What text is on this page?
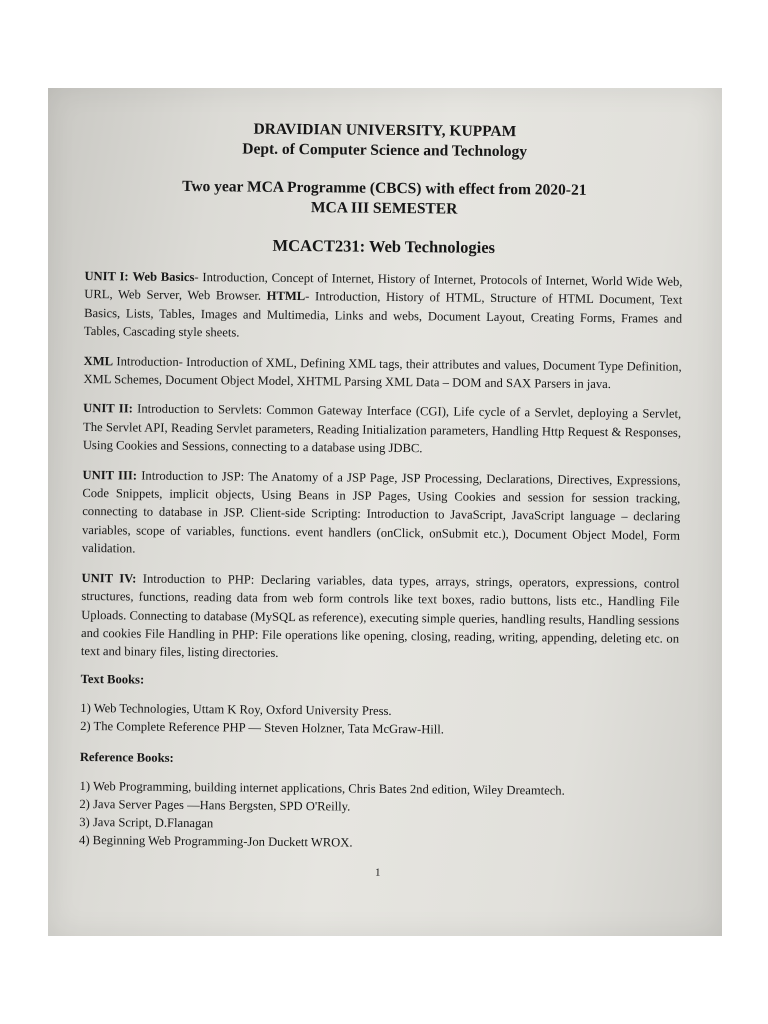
DRAVIDIAN UNIVERSITY, KUPPAM

Dept. of Computer Science and Technology

Two year MCA Programme (CBCS) with effect from 2020-21

MCA III SEMESTER

MCACT231: Web Technologies

UNIT I: Web Basics- Introduction, Concept of Internet, History of Internet, Protocols of Internet, World Wide Web, URL, Web Server, Web Browser. HTML- Introduction, History of HTML, Structure of HTML Document, Text Basics, Lists, Tables, Images and Multimedia, Links and webs, Document Layout, Creating Forms, Frames and Tables, Cascading style sheets.

XML Introduction- Introduction of XML, Defining XML tags, their attributes and values, Document Type Definition, XML Schemes, Document Object Model, XHTML Parsing XML Data – DOM and SAX Parsers in java.

UNIT II: Introduction to Servlets: Common Gateway Interface (CGI), Life cycle of a Servlet, deploying a Servlet, The Servlet API, Reading Servlet parameters, Reading Initialization parameters, Handling Http Request & Responses, Using Cookies and Sessions, connecting to a database using JDBC.

UNIT III: Introduction to JSP: The Anatomy of a JSP Page, JSP Processing, Declarations, Directives, Expressions, Code Snippets, implicit objects, Using Beans in JSP Pages, Using Cookies and session for session tracking, connecting to database in JSP. Client-side Scripting: Introduction to JavaScript, JavaScript language – declaring variables, scope of variables, functions. event handlers (onClick, onSubmit etc.), Document Object Model, Form validation.

UNIT IV: Introduction to PHP: Declaring variables, data types, arrays, strings, operators, expressions, control structures, functions, reading data from web form controls like text boxes, radio buttons, lists etc., Handling File Uploads. Connecting to database (MySQL as reference), executing simple queries, handling results, Handling sessions and cookies File Handling in PHP: File operations like opening, closing, reading, writing, appending, deleting etc. on text and binary files, listing directories.

Text Books:

1) Web Technologies, Uttam K Roy, Oxford University Press.

2) The Complete Reference PHP — Steven Holzner, Tata McGraw-Hill.

Reference Books:

1) Web Programming, building internet applications, Chris Bates 2nd edition, Wiley Dreamtech.

2) Java Server Pages —Hans Bergsten, SPD O'Reilly.

3) Java Script, D.Flanagan

4) Beginning Web Programming-Jon Duckett WROX.

1
